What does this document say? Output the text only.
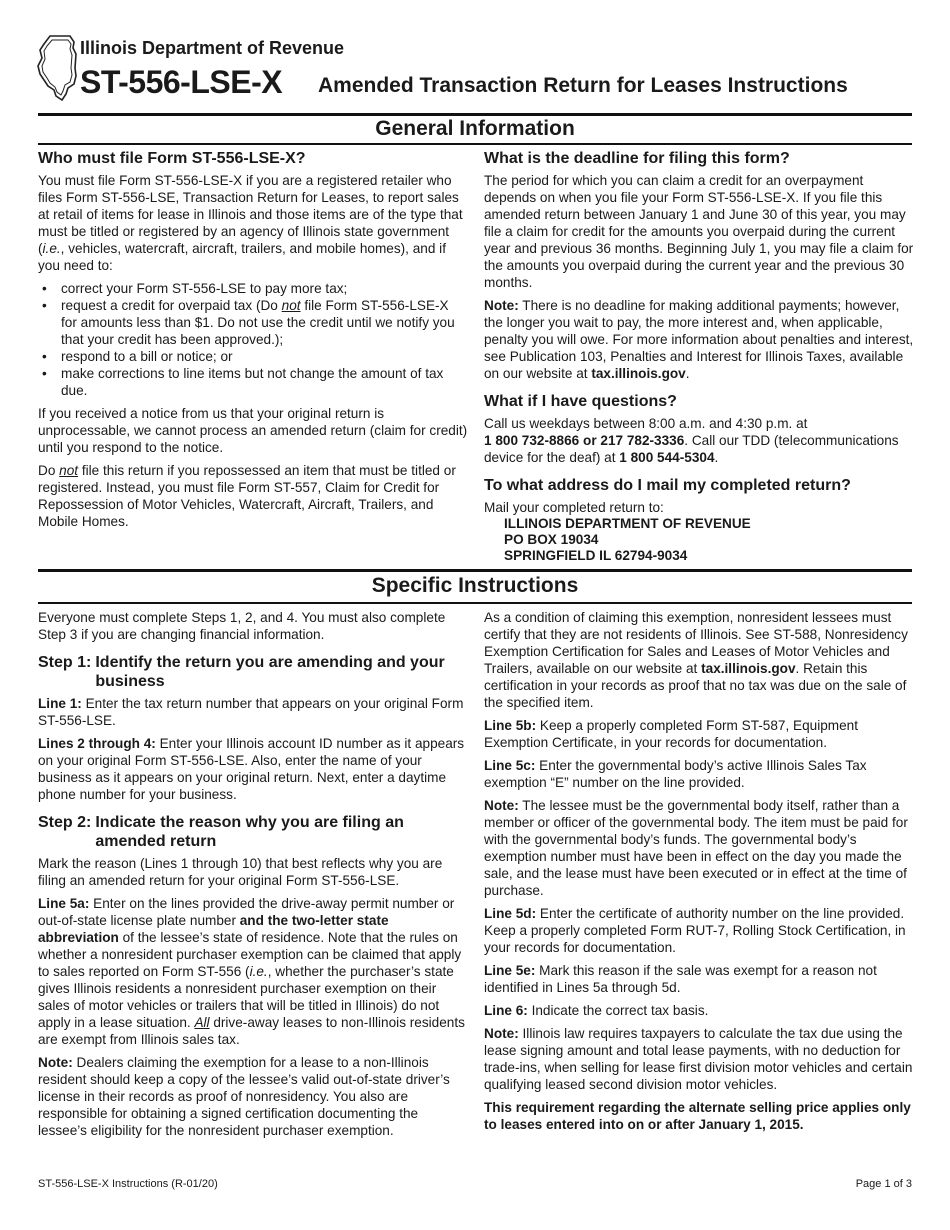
Illinois Department of Revenue
ST-556-LSE-X Amended Transaction Return for Leases Instructions
General Information
Who must file Form ST-556-LSE-X?

You must file Form ST-556-LSE-X if you are a registered retailer who files Form ST-556-LSE, Transaction Return for Leases, to report sales at retail of items for lease in Illinois and those items are of the type that must be titled or registered by an agency of Illinois state government (i.e., vehicles, watercraft, aircraft, trailers, and mobile homes), and if you need to:

• correct your Form ST-556-LSE to pay more tax;
• request a credit for overpaid tax (Do not file Form ST-556-LSE-X for amounts less than $1. Do not use the credit until we notify you that your credit has been approved.);
• respond to a bill or notice; or
• make corrections to line items but not change the amount of tax due.

If you received a notice from us that your original return is unprocessable, we cannot process an amended return (claim for credit) until you respond to the notice.

Do not file this return if you repossessed an item that must be titled or registered. Instead, you must file Form ST-557, Claim for Credit for Repossession of Motor Vehicles, Watercraft, Aircraft, Trailers, and Mobile Homes.

What is the deadline for filing this form?

The period for which you can claim a credit for an overpayment depends on when you file your Form ST-556-LSE-X. If you file this amended return between January 1 and June 30 of this year, you may file a claim for credit for the amounts you overpaid during the current year and previous 36 months. Beginning July 1, you may file a claim for the amounts you overpaid during the current year and the previous 30 months.

Note: There is no deadline for making additional payments; however, the longer you wait to pay, the more interest and, when applicable, penalty you will owe. For more information about penalties and interest, see Publication 103, Penalties and Interest for Illinois Taxes, available on our website at tax.illinois.gov.

What if I have questions?

Call us weekdays between 8:00 a.m. and 4:30 p.m. at
1 800 732-8866 or 217 782-3336. Call our TDD (telecommunications device for the deaf) at 1 800 544-5304.

To what address do I mail my completed return?
Mail your completed return to:
ILLINOIS DEPARTMENT OF REVENUE
PO BOX 19034
SPRINGFIELD IL 62794-9034
Specific Instructions

Everyone must complete Steps 1, 2, and 4. You must also complete Step 3 if you are changing financial information.

Step 1: Identify the return you are amending and your business

Line 1: Enter the tax return number that appears on your original Form ST-556-LSE.

Lines 2 through 4: Enter your Illinois account ID number as it appears on your original Form ST-556-LSE. Also, enter the name of your business as it appears on your original return. Next, enter a daytime phone number for your business.

Step 2: Indicate the reason why you are filing an amended return

Mark the reason (Lines 1 through 10) that best reflects why you are filing an amended return for your original Form ST-556-LSE.

Line 5a: Enter on the lines provided the drive-away permit number or out-of-state license plate number and the two-letter state abbreviation of the lessee’s state of residence. Note that the rules on whether a nonresident purchaser exemption can be claimed that apply to sales reported on Form ST-556 (i.e., whether the purchaser’s state gives Illinois residents a nonresident purchaser exemption on their sales of motor vehicles or trailers that will be titled in Illinois) do not apply in a lease situation. All drive-away leases to non-Illinois residents are exempt from Illinois sales tax.

Note: Dealers claiming the exemption for a lease to a non-Illinois resident should keep a copy of the lessee’s valid out-of-state driver’s license in their records as proof of nonresidency. You also are responsible for obtaining a signed certification documenting the lessee’s eligibility for the nonresident purchaser exemption.

As a condition of claiming this exemption, nonresident lessees must certify that they are not residents of Illinois. See ST-588, Nonresidency Exemption Certification for Sales and Leases of Motor Vehicles and Trailers, available on our website at tax.illinois.gov. Retain this certification in your records as proof that no tax was due on the sale of the specified item.

Line 5b: Keep a properly completed Form ST-587, Equipment Exemption Certificate, in your records for documentation.

Line 5c: Enter the governmental body’s active Illinois Sales Tax exemption “E” number on the line provided.

Note: The lessee must be the governmental body itself, rather than a member or officer of the governmental body. The item must be paid for with the governmental body’s funds. The governmental body’s exemption number must have been in effect on the day you made the sale, and the lease must have been executed or in effect at the time of purchase.

Line 5d: Enter the certificate of authority number on the line provided. Keep a properly completed Form RUT-7, Rolling Stock Certification, in your records for documentation.

Line 5e: Mark this reason if the sale was exempt for a reason not identified in Lines 5a through 5d.

Line 6: Indicate the correct tax basis.

Note: Illinois law requires taxpayers to calculate the tax due using the lease signing amount and total lease payments, with no deduction for trade-ins, when selling for lease first division motor vehicles and certain qualifying leased second division motor vehicles.

This requirement regarding the alternate selling price applies only to leases entered into on or after January 1, 2015.

ST-556-LSE-X Instructions (R-01/20)	Page 1 of 3
